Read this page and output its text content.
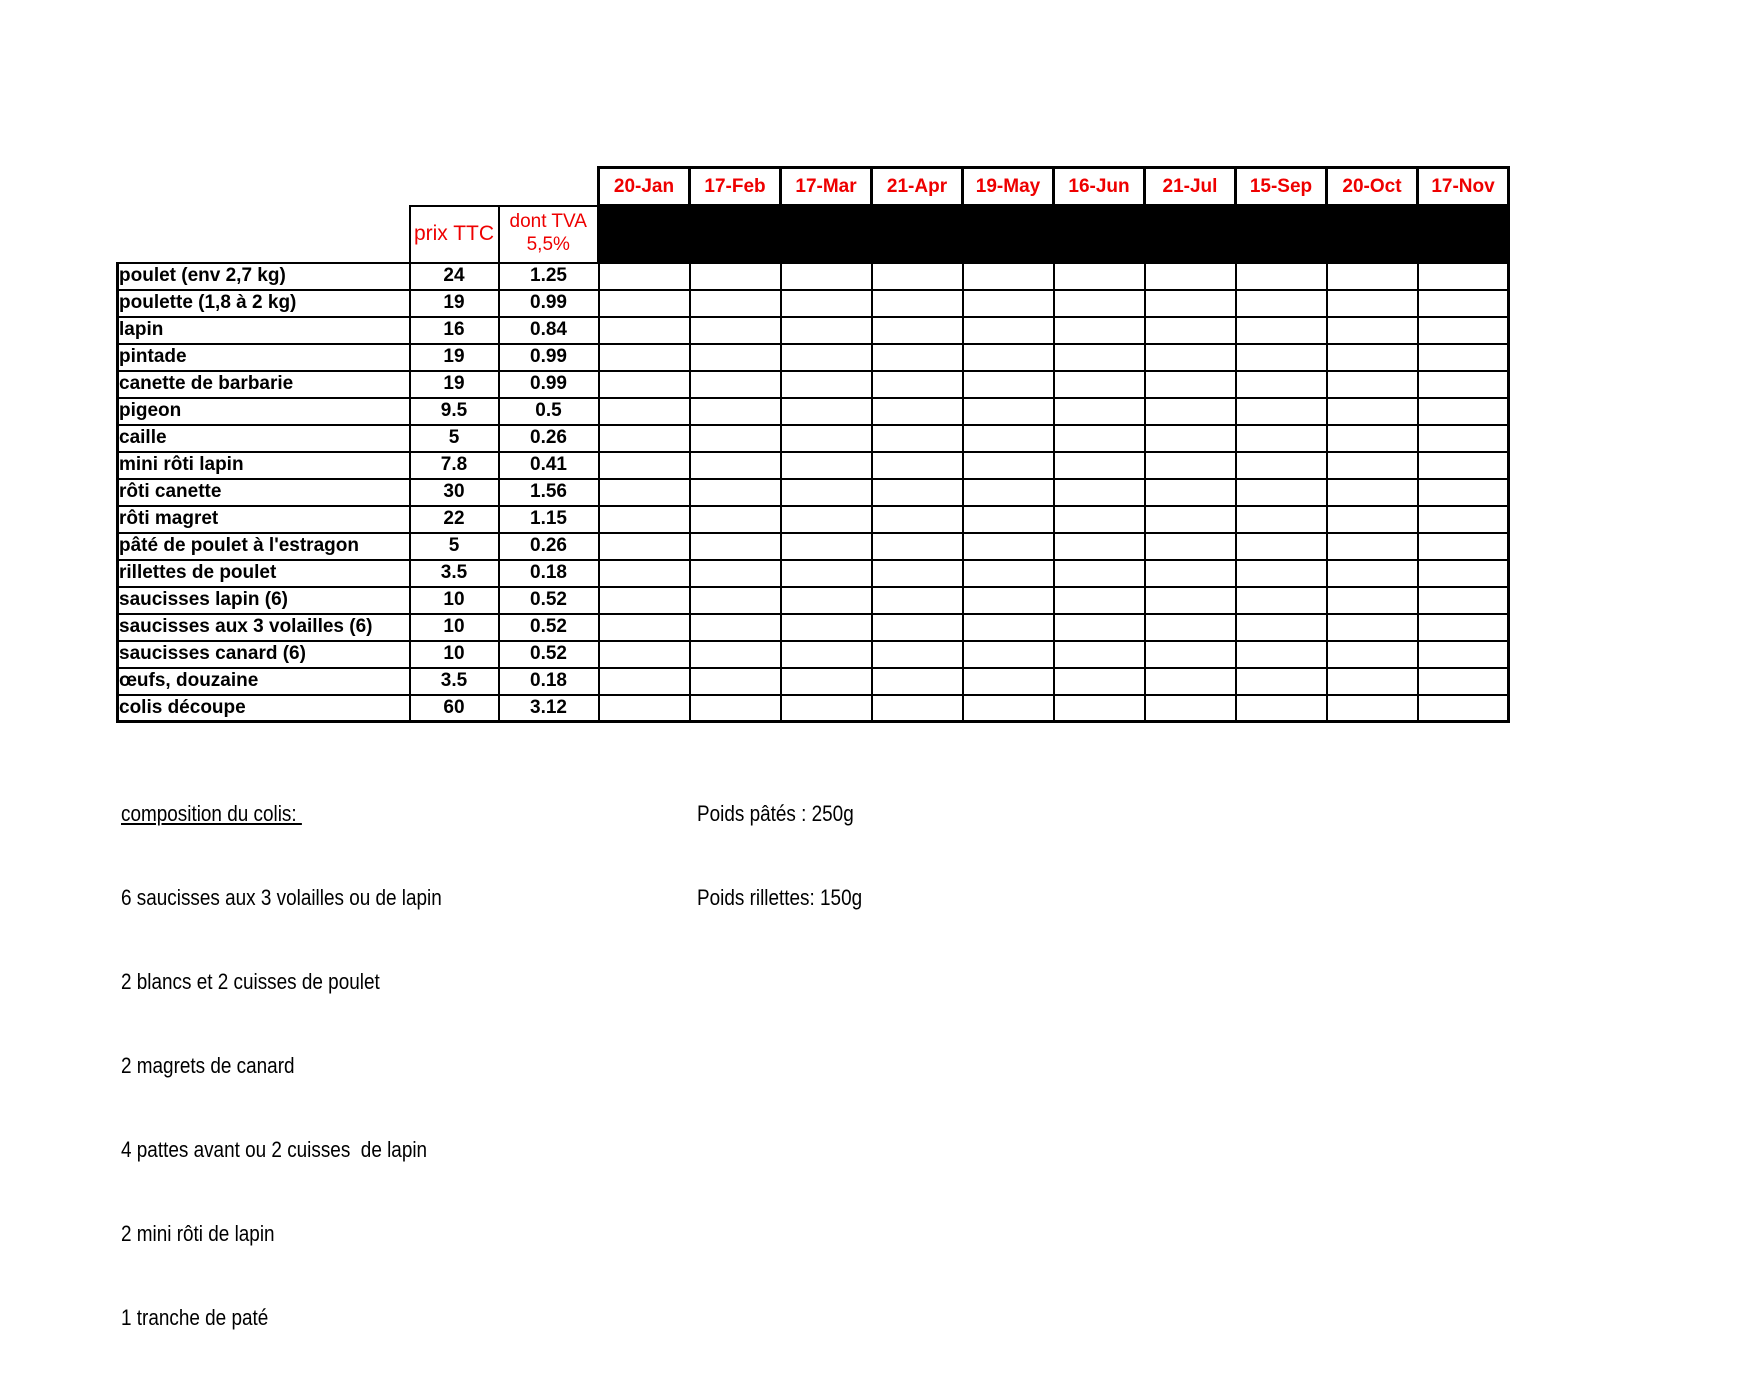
			20-Jan	17-Feb	17-Mar	21-Apr	19-May	16-Jun	21-Jul	15-Sep	20-Oct	17-Nov
	prix TTC	dont TVA
5,5%										
poulet (env 2,7 kg)	24	1.25										
poulette (1,8 à 2 kg)	19	0.99										
lapin	16	0.84										
pintade	19	0.99										
canette de barbarie	19	0.99										
pigeon	9.5	0.5										
caille	5	0.26										
mini rôti lapin	7.8	0.41										
rôti canette	30	1.56										
rôti magret	22	1.15										
pâté de poulet à l'estragon	5	0.26										
rillettes de poulet	3.5	0.18										
saucisses lapin (6)	10	0.52										
saucisses aux 3 volailles (6)	10	0.52										
saucisses canard (6)	10	0.52										
œufs, douzaine	3.5	0.18										
colis découpe	60	3.12										

composition du colis:

6 saucisses aux 3 volailles ou de lapin

2 blancs et 2 cuisses de poulet

2 magrets de canard

4 pattes avant ou 2 cuisses  de lapin

2 mini rôti de lapin

1 tranche de paté

Poids pâtés : 250g

Poids rillettes: 150g
